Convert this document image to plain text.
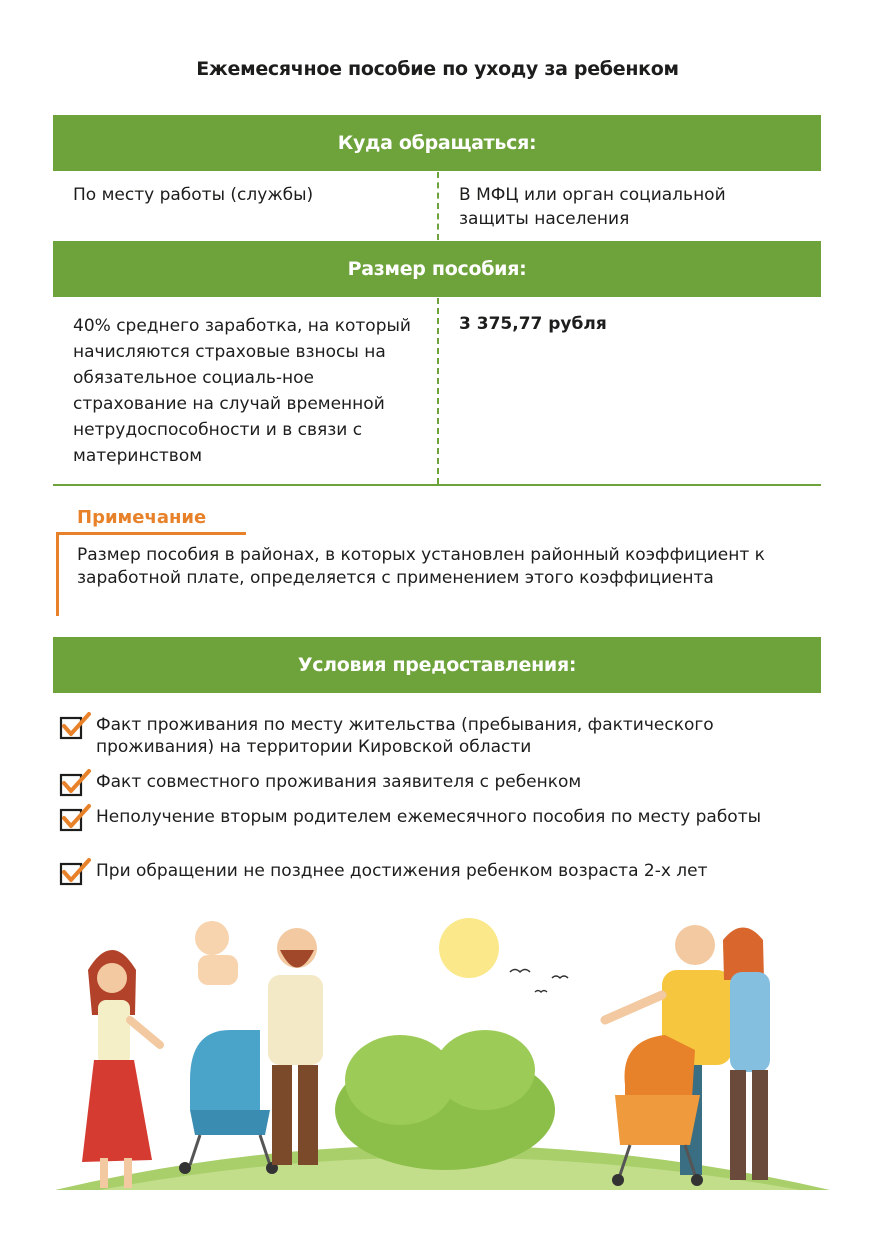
Ежемесячное пособие по уходу за ребенком
Куда обращаться:
По месту работы (службы)	В МФЦ или орган социальной защиты населения
Размер пособия:
40% среднего заработка, на который начисляются страховые взносы на обязательное социаль-ное страхование на случай временной нетрудоспособности и в связи с материнством
3 375,77 рубля
Примечание
Размер пособия в районах, в которых установлен районный коэффициент к заработной плате, определяется с применением этого коэффициента
Условия предоставления:
Факт проживания по месту жительства (пребывания, фактического проживания) на территории Кировской области
Факт совместного проживания заявителя с ребенком
Неполучение вторым родителем ежемесячного пособия по месту работы
При обращении не позднее достижения ребенком возраста 2-х лет
